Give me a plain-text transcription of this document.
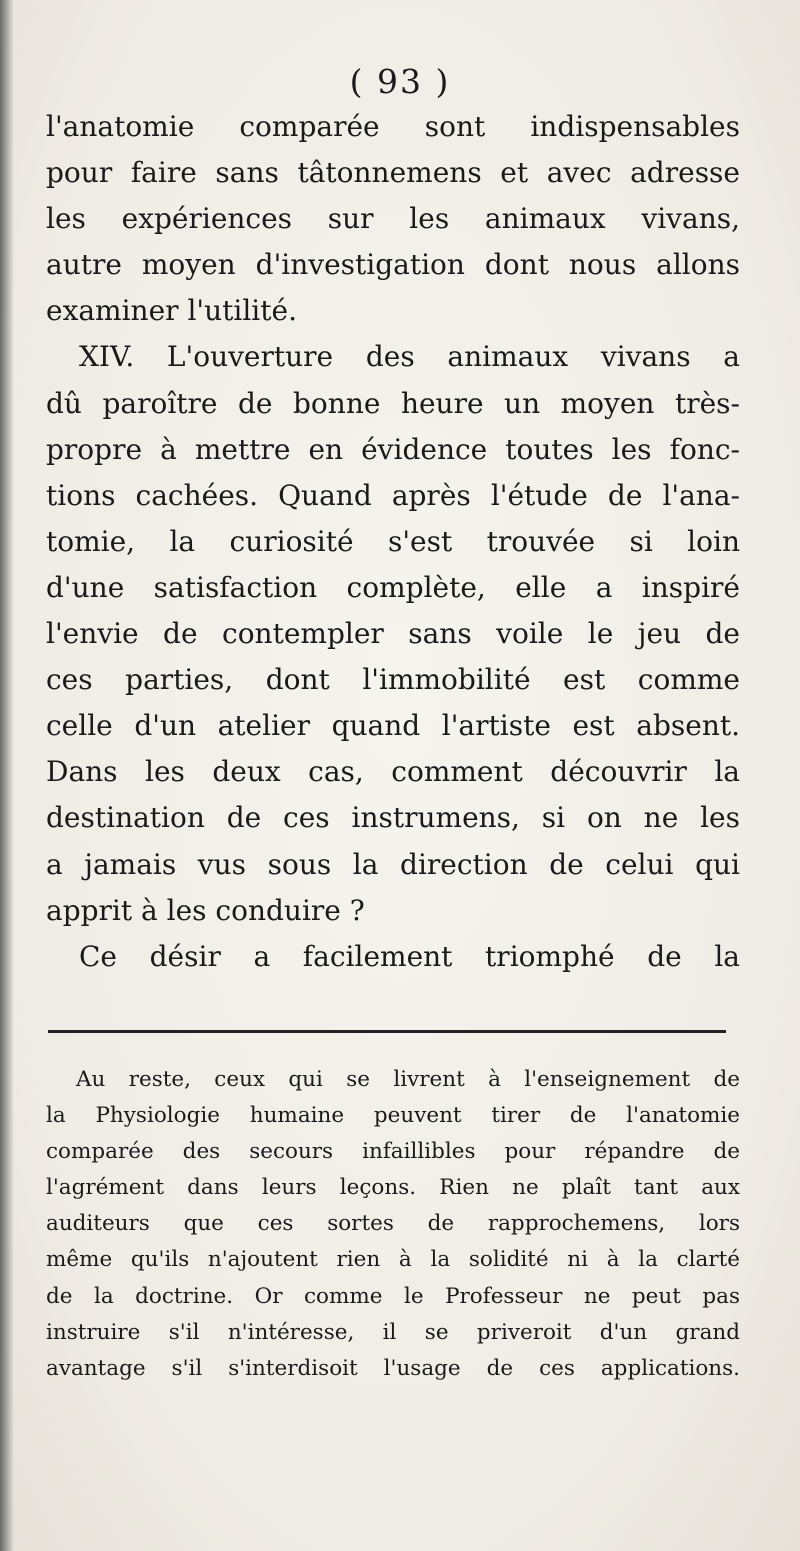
( 93 )
l'anatomie comparée sont indispensables
pour faire sans tâtonnemens et avec adresse
les expériences sur les animaux vivans,
autre moyen d'investigation dont nous allons
examiner l'utilité.
XIV. L'ouverture des animaux vivans a
dû paroître de bonne heure un moyen très-
propre à mettre en évidence toutes les fonc-
tions cachées. Quand après l'étude de l'ana-
tomie, la curiosité s'est trouvée si loin
d'une satisfaction complète, elle a inspiré
l'envie de contempler sans voile le jeu de
ces parties, dont l'immobilité est comme
celle d'un atelier quand l'artiste est absent.
Dans les deux cas, comment découvrir la
destination de ces instrumens, si on ne les
a jamais vus sous la direction de celui qui
apprit à les conduire ?
Ce désir a facilement triomphé de la
Au reste, ceux qui se livrent à l'enseignement de
la Physiologie humaine peuvent tirer de l'anatomie
comparée des secours infaillibles pour répandre de
l'agrément dans leurs leçons. Rien ne plaît tant aux
auditeurs que ces sortes de rapprochemens, lors
même qu'ils n'ajoutent rien à la solidité ni à la clarté
de la doctrine. Or comme le Professeur ne peut pas
instruire s'il n'intéresse, il se priveroit d'un grand
avantage s'il s'interdisoit l'usage de ces applications.
